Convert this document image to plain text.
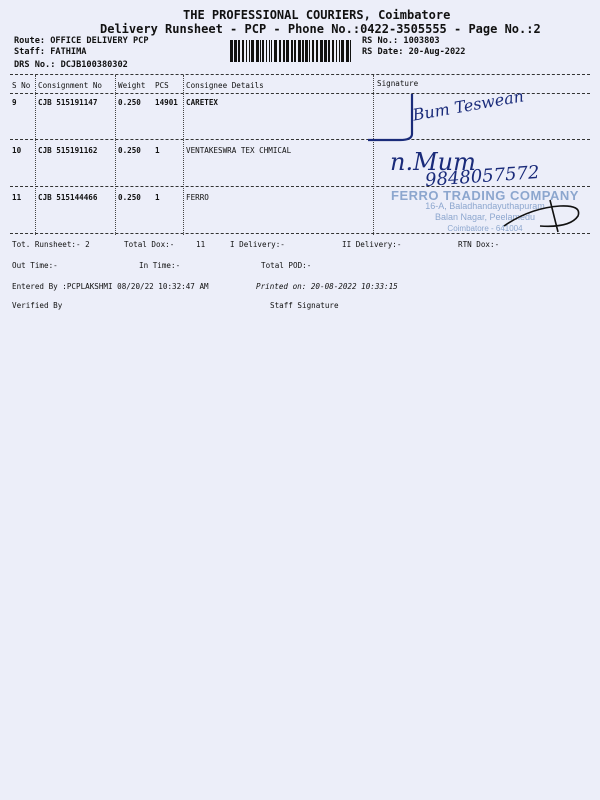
THE PROFESSIONAL COURIERS, Coimbatore
Delivery Runsheet - PCP - Phone No.:0422-3505555 - Page No.:2
Route: OFFICE DELIVERY PCP
Staff: FATHIMA
DRS No.: DCJB100380302
RS No.: 1003803
RS Date: 20-Aug-2022
S No Consignment No Weight PCS Consignee Details	Signature
9	CJB 515191147	0.250 14901 CARETEX
10 CJB 515191162	0.250 1	VENTAKESWRA TEX CHMICAL
11 CJB 515144466	0.250 1	FERRO
Bum Teswean
n.Mum
9848057572
FERRO TRADING COMPANY
16-A, Baladhandayuthapuram
Balan Nagar, Peelamedu
Coimbatore - 641004
Tot. Runsheet:- 2	Total Dox:-	11	I Delivery:-	II Delivery:-	RTN Dox:-
Out Time:-	In Time:-	Total POD:-
Entered By :PCPLAKSHMI 08/20/22 10:32:47 AM	Printed on: 20-08-2022 10:33:15
Verified By	Staff Signature
